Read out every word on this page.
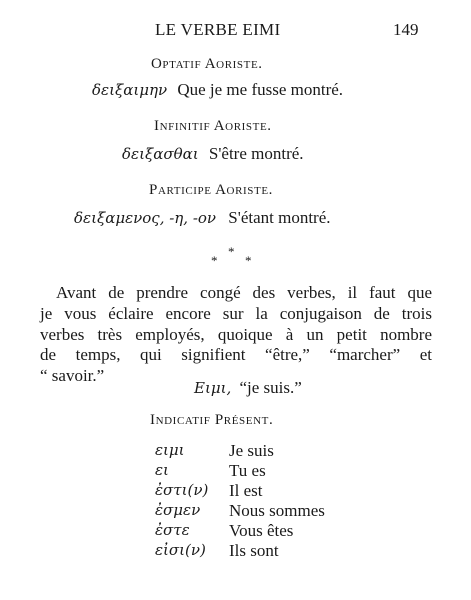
LE VERBE EIMI	149
Optatif Aoriste.
δειξαιμην Que je me fusse montré.
Infinitif Aoriste.
δειξασθαι S'être montré.
Participe Aoriste.
δειξαμενος, -η, -ον S'étant montré.
*
*
*
Avant de prendre congé des verbes, il faut que
je vous éclaire encore sur la conjugaison de trois
verbes très employés, quoique à un petit nombre
de temps, qui signifient “être,” “marcher” et
“ savoir.”
Ειμι, “je suis.”
Indicatif Présent.
ειμι	Je suis
ει	Tu es
ἐστι(ν) Il est
ἐσμεν Nous sommes
ἐστε Vous êtes
εἰσι(ν) Ils sont
